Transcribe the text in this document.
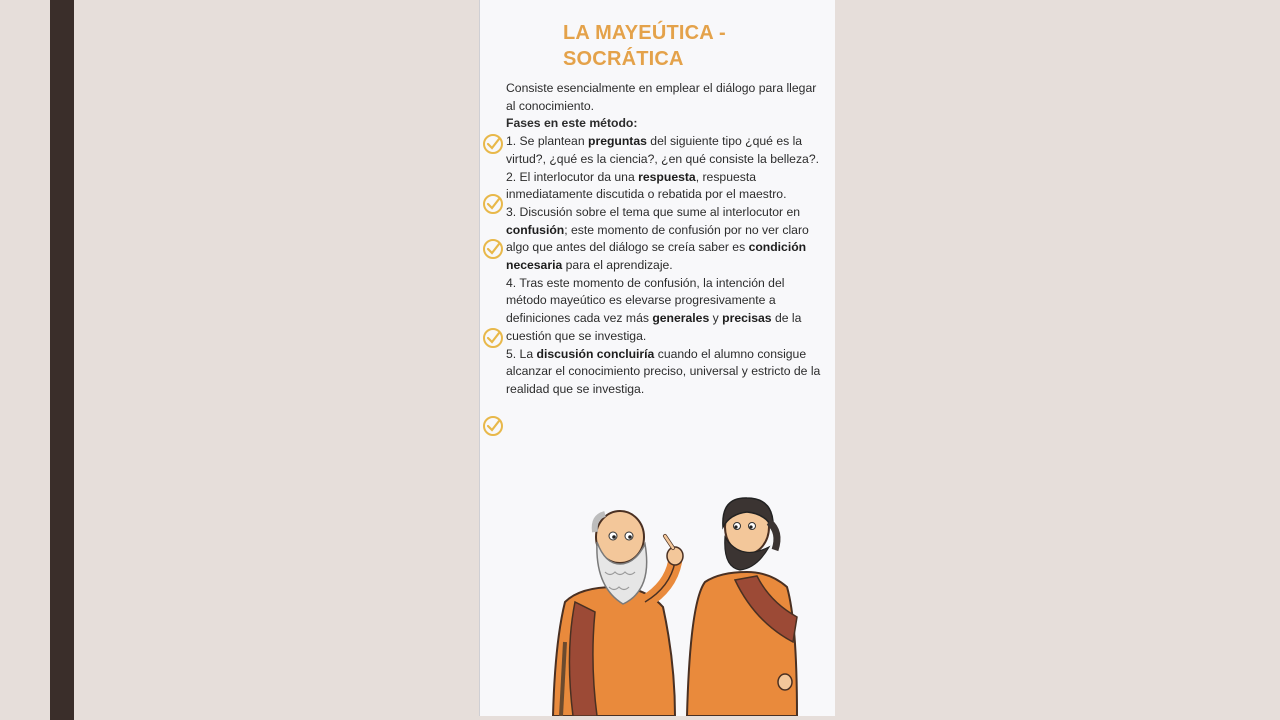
LA MAYEÚTICA -
SOCRÁTICA

Consiste esencialmente en emplear el diálogo para llegar al conocimiento.

Fases en este método:

1. Se plantean preguntas del siguiente tipo ¿qué es la virtud?, ¿qué es la ciencia?, ¿en qué consiste la belleza?.

2. El interlocutor da una respuesta, respuesta inmediatamente discutida o rebatida por el maestro.

3. Discusión sobre el tema que sume al interlocutor en confusión; este momento de confusión por no ver claro algo que antes del diálogo se creía saber es condición necesaria para el aprendizaje.

4. Tras este momento de confusión, la intención del método mayeútico es elevarse progresivamente a definiciones cada vez más generales y precisas de la cuestión que se investiga.

5. La discusión concluiría cuando el alumno consigue alcanzar el conocimiento preciso, universal y estricto de la realidad que se investiga.
